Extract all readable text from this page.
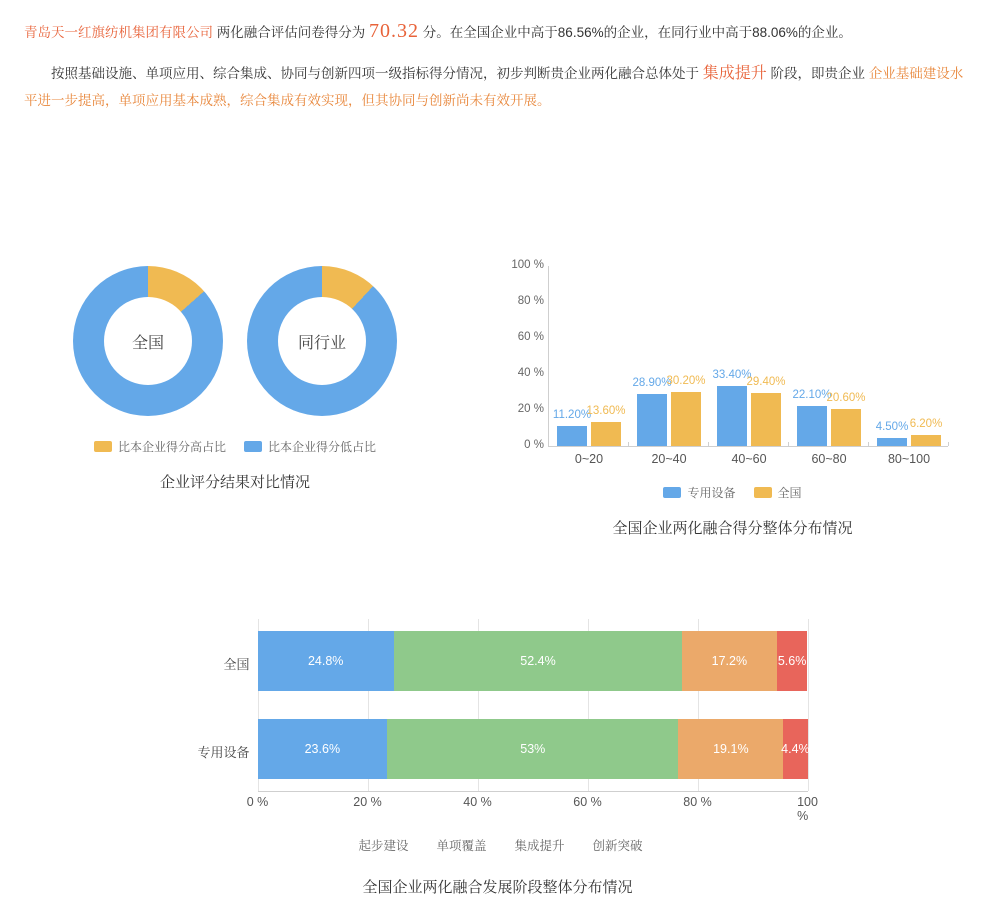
青岛天一红旗纺机集团有限公司 两化融合评估问卷得分为 70.32 分。在全国企业中高于86.56%的企业，在同行业中高于88.06%的企业。
按照基础设施、单项应用、综合集成、协同与创新四项一级指标得分情况，初步判断贵企业两化融合总体处于 集成提升 阶段，即贵企业 企业基础建设水平进一步提高，单项应用基本成熟，综合集成有效实现，但其协同与创新尚未有效开展。
全国	同行业
比本企业得分高占比	比本企业得分低占比
企业评分结果对比情况
100 %
80 %
60 %
40 %
20 %
0 %
11.20%
13.60%
28.90%
30.20% 33.40%
29.40%
22.10%
20.60%
4.50% 6.20%
0~20	20~40	40~60	60~80	80~100
专用设备	全国
全国企业两化融合得分整体分布情况
全国
专用设备
24.8%	52.4%	17.2% 5.6%
23.6%	53%	19.1%	4.4%
0 %	20 %	40 %	60 %	80 %	100 %
起步建设 单项覆盖 集成提升 创新突破
全国企业两化融合发展阶段整体分布情况
